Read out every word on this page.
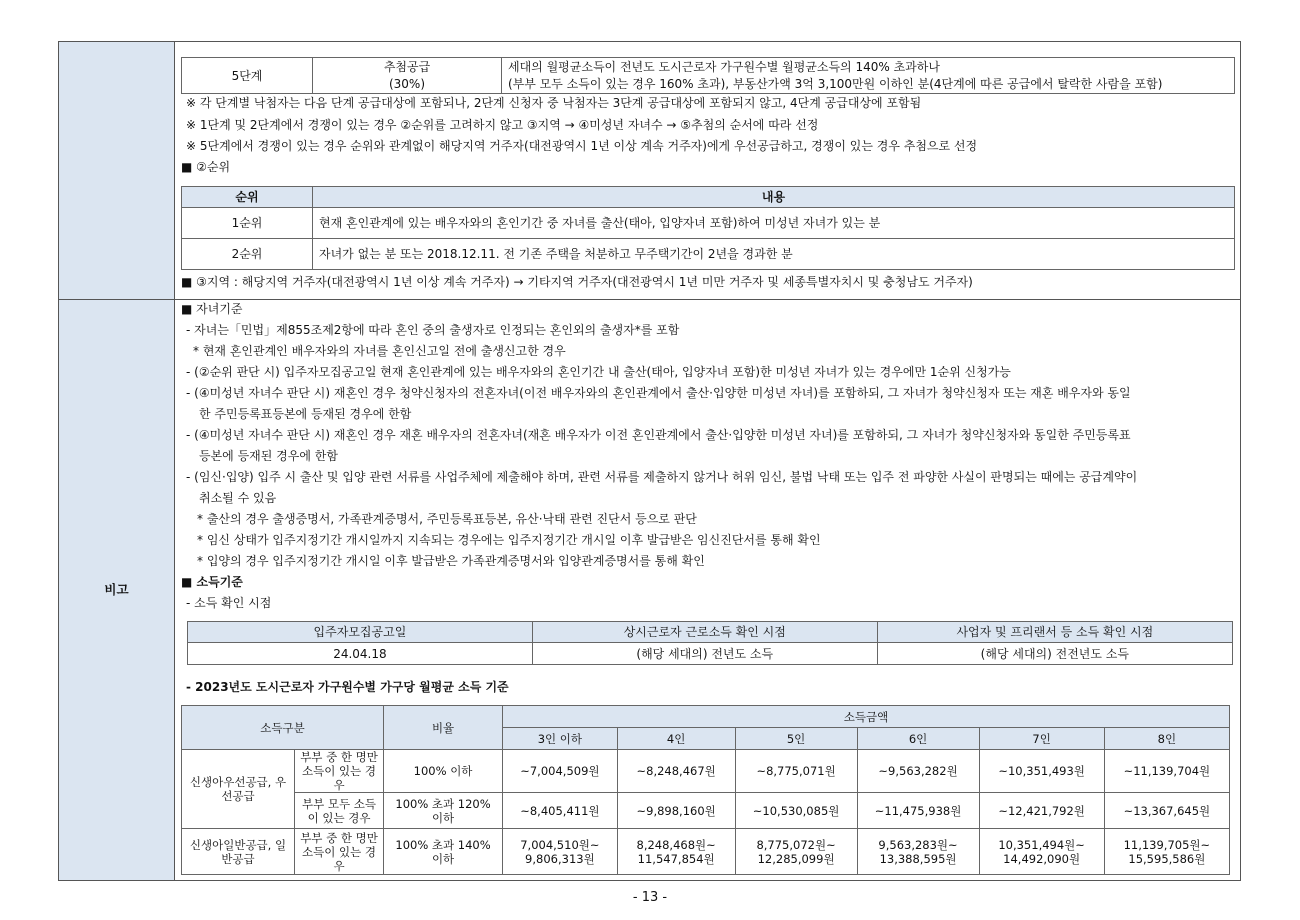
비고
5단계	추첨공급	세대의 월평균소득이 전년도 도시근로자 가구원수별 월평균소득의 140% 초과하나
	(30%)	(부부 모두 소득이 있는 경우 160% 초과), 부동산가액 3억 3,100만원 이하인 분(4단계에 따른 공급에서 탈락한 사람을 포함)
※ 각 단계별 낙첨자는 다음 단계 공급대상에 포함되나, 2단계 신청자 중 낙첨자는 3단계 공급대상에 포함되지 않고, 4단계 공급대상에 포함됨
※ 1단계 및 2단계에서 경쟁이 있는 경우 ②순위를 고려하지 않고 ③지역 → ④미성년 자녀수 → ⑤추첨의 순서에 따라 선정
※ 5단계에서 경쟁이 있는 경우 순위와 관계없이 해당지역 거주자(대전광역시 1년 이상 계속 거주자)에게 우선공급하고, 경쟁이 있는 경우 추첨으로 선정
■ ②순위
순위	내용
1순위	현재 혼인관계에 있는 배우자와의 혼인기간 중 자녀를 출산(태아, 입양자녀 포함)하여 미성년 자녀가 있는 분
2순위	자녀가 없는 분 또는 2018.12.11. 전 기존 주택을 처분하고 무주택기간이 2년을 경과한 분
■ ③지역 : 해당지역 거주자(대전광역시 1년 이상 계속 거주자) → 기타지역 거주자(대전광역시 1년 미만 거주자 및 세종특별자치시 및 충청남도 거주자)
■ 자녀기준
- 자녀는「민법」제855조제2항에 따라 혼인 중의 출생자로 인정되는 혼인외의 출생자*를 포함
* 현재 혼인관계인 배우자와의 자녀를 혼인신고일 전에 출생신고한 경우
- (②순위 판단 시) 입주자모집공고일 현재 혼인관계에 있는 배우자와의 혼인기간 내 출산(태아, 입양자녀 포함)한 미성년 자녀가 있는 경우에만 1순위 신청가능
- (④미성년 자녀수 판단 시) 재혼인 경우 청약신청자의 전혼자녀(이전 배우자와의 혼인관계에서 출산·입양한 미성년 자녀)를 포함하되, 그 자녀가 청약신청자 또는 재혼 배우자와 동일
한 주민등록표등본에 등재된 경우에 한함
- (④미성년 자녀수 판단 시) 재혼인 경우 재혼 배우자의 전혼자녀(재혼 배우자가 이전 혼인관계에서 출산·입양한 미성년 자녀)를 포함하되, 그 자녀가 청약신청자와 동일한 주민등록표
등본에 등재된 경우에 한함
- (임신·입양) 입주 시 출산 및 입양 관련 서류를 사업주체에 제출해야 하며, 관련 서류를 제출하지 않거나 허위 임신, 불법 낙태 또는 입주 전 파양한 사실이 판명되는 때에는 공급계약이
취소될 수 있음
* 출산의 경우 출생증명서, 가족관계증명서, 주민등록표등본, 유산·낙태 관련 진단서 등으로 판단
* 임신 상태가 입주지정기간 개시일까지 지속되는 경우에는 입주지정기간 개시일 이후 발급받은 임신진단서를 통해 확인
* 입양의 경우 입주지정기간 개시일 이후 발급받은 가족관계증명서와 입양관계증명서를 통해 확인
■ 소득기준
- 소득 확인 시점
입주자모집공고일	상시근로자 근로소득 확인 시점	사업자 및 프리랜서 등 소득 확인 시점
24.04.18	(해당 세대의) 전년도 소득	(해당 세대의) 전전년도 소득
- 2023년도 도시근로자 가구원수별 가구당 월평균 소득 기준
소득구분		비율	소득금액					
			3인 이하	4인	5인	6인	7인	8인
신생아우선공급, 우선공급	부부 중 한 명만 소득이 있는 경우	100% 이하	~7,004,509원	~8,248,467원	~8,775,071원	~9,563,282원	~10,351,493원	~11,139,704원
	부부 모두 소득이 있는 경우	100% 초과 120% 이하	~8,405,411원	~9,898,160원	~10,530,085원	~11,475,938원	~12,421,792원	~13,367,645원
신생아일반공급, 일반공급	부부 중 한 명만 소득이 있는 경우	100% 초과 140% 이하	7,004,510원~ 9,806,313원	8,248,468원~ 11,547,854원	8,775,072원~ 12,285,099원	9,563,283원~ 13,388,595원	10,351,494원~ 14,492,090원	11,139,705원~ 15,595,586원
- 13 -
